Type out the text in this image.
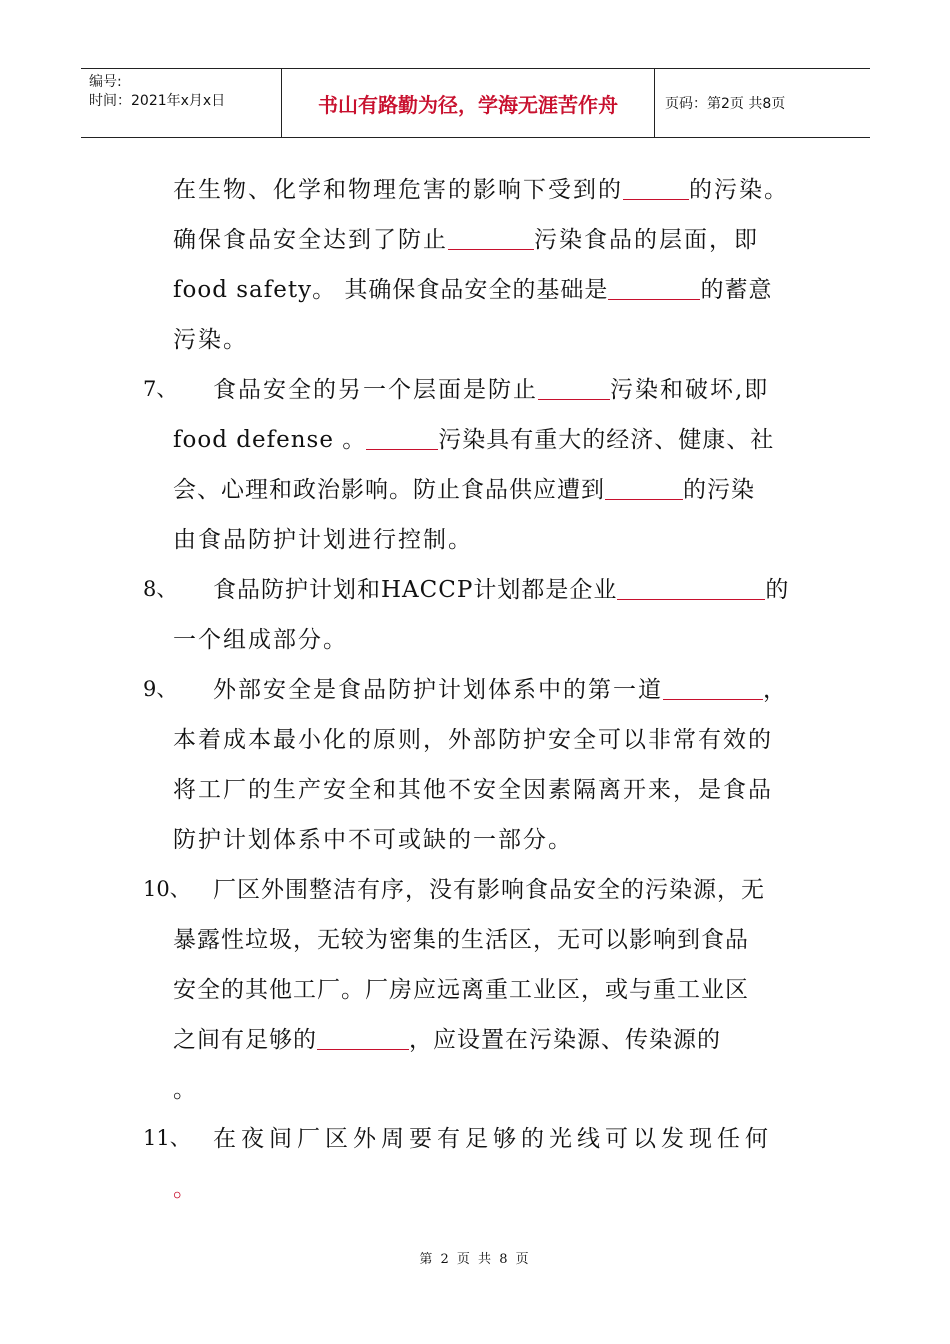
编号:
时间：2021年x月x日	书山有路勤为径，学海无涯苦作舟	页码：第2页 共8页
在生物、化学和物理危害的影响下受到的	的污染。
确保食品安全达到了防止	污染食品的层面，即
food safety。 其确保食品安全的基础是	的蓄意
污染。
7、 食品安全的另一个层面是防止	污染和破坏,即
food defense 。	污染具有重大的经济、健康、社
会、心理和政治影响。防止食品供应遭到	的污染
由食品防护计划进行控制。
8、 食品防护计划和HACCP计划都是企业	的
一个组成部分。
9、 外部安全是食品防护计划体系中的第一道	，
本着成本最小化的原则，外部防护安全可以非常有效的
将工厂的生产安全和其他不安全因素隔离开来，是食品
防护计划体系中不可或缺的一部分。
10、 厂区外围整洁有序，没有影响食品安全的污染源，无
暴露性垃圾，无较为密集的生活区，无可以影响到食品
安全的其他工厂。厂房应远离重工业区，或与重工业区
之间有足够的	，应设置在污染源、传染源的
。
11、 在夜间厂区外周要有足够的光线可以发现任何
。
第 2 页 共 8 页
